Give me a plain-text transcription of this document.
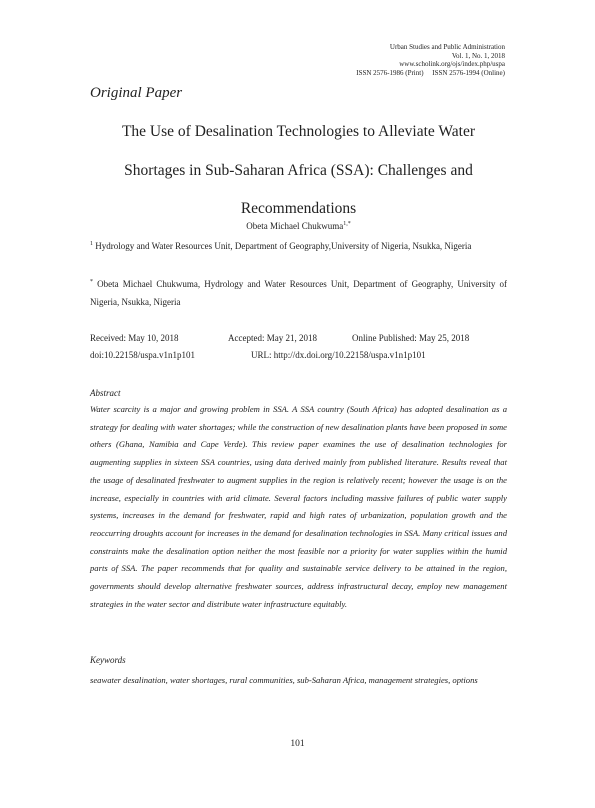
Urban Studies and Public Administration
Vol. 1, No. 1, 2018
www.scholink.org/ojs/index.php/uspa
ISSN 2576-1986 (Print)     ISSN 2576-1994 (Online)
Original Paper
The Use of Desalination Technologies to Alleviate Water
Shortages in Sub-Saharan Africa (SSA): Challenges and
Recommendations
Obeta Michael Chukwuma$^{1,*}$
$^1$ Hydrology and Water Resources Unit, Department of Geography,University of Nigeria, Nsukka, Nigeria
* Obeta Michael Chukwuma, Hydrology and Water Resources Unit, Department of Geography, University of Nigeria, Nsukka, Nigeria
Received: May 10, 2018	Accepted: May 21, 2018	Online Published: May 25, 2018
doi:10.22158/uspa.v1n1p101	URL: http://dx.doi.org/10.22158/uspa.v1n1p101
Abstract
Water scarcity is a major and growing problem in SSA. A SSA country (South Africa) has adopted desalination as a strategy for dealing with water shortages; while the construction of new desalination plants have been proposed in some others (Ghana, Namibia and Cape Verde). This review paper examines the use of desalination technologies for augmenting supplies in sixteen SSA countries, using data derived mainly from published literature. Results reveal that the usage of desalinated freshwater to augment supplies in the region is relatively recent; however the usage is on the increase, especially in countries with arid climate. Several factors including massive failures of public water supply systems, increases in the demand for freshwater, rapid and high rates of urbanization, population growth and the reoccurring droughts account for increases in the demand for desalination technologies in SSA. Many critical issues and constraints make the desalination option neither the most feasible nor a priority for water supplies within the humid parts of SSA. The paper recommends that for quality and sustainable service delivery to be attained in the region, governments should develop alternative freshwater sources, address infrastructural decay, employ new management strategies in the water sector and distribute water infrastructure equitably.
Keywords
seawater desalination, water shortages, rural communities, sub-Saharan Africa, management strategies, options
101
